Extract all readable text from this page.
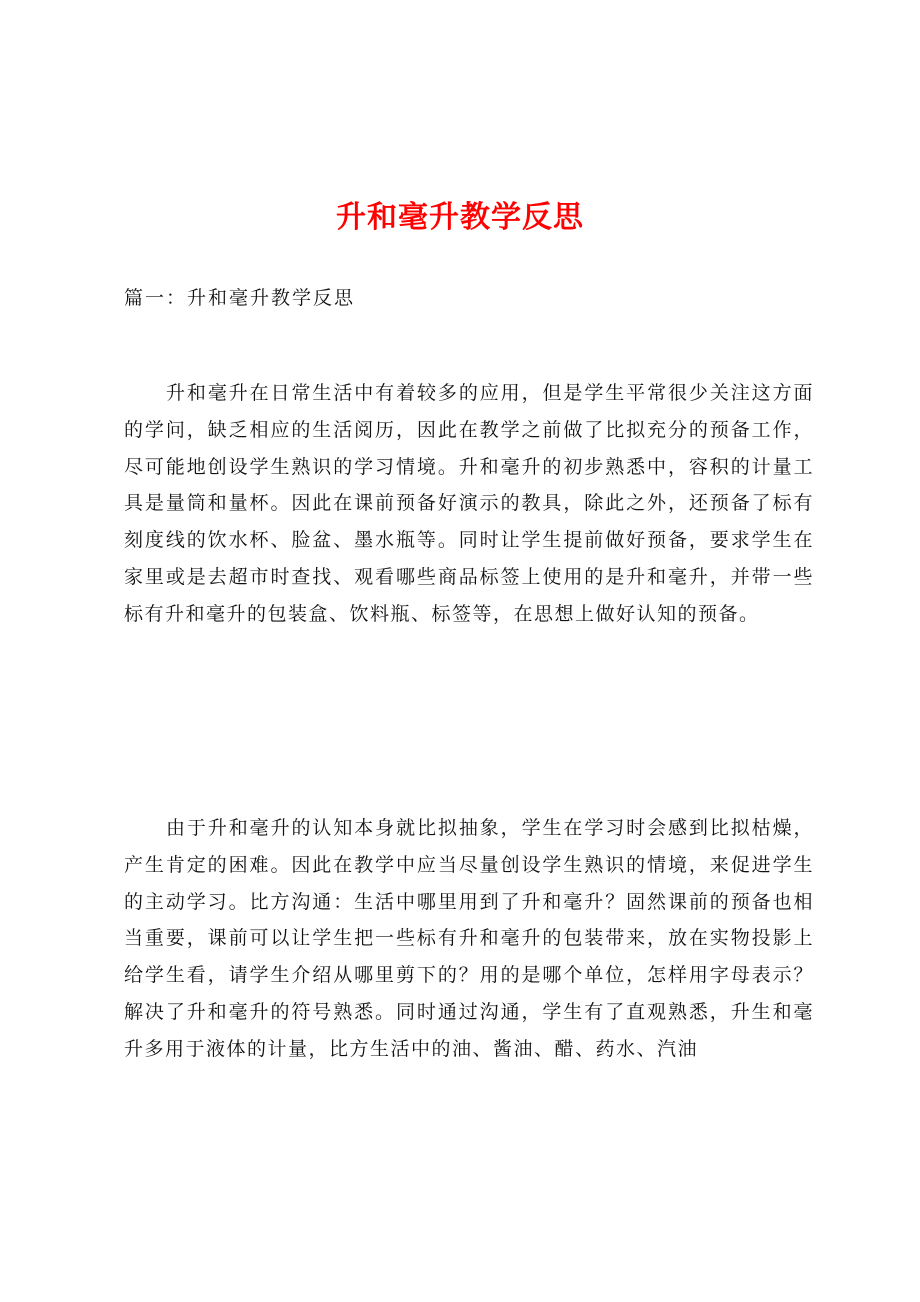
升和毫升教学反思
篇一：升和毫升教学反思

升和毫升在日常生活中有着较多的应用，但是学生平常很少关注这方面的学问，缺乏相应的生活阅历，因此在教学之前做了比拟充分的预备工作，尽可能地创设学生熟识的学习情境。升和毫升的初步熟悉中，容积的计量工具是量筒和量杯。因此在课前预备好演示的教具，除此之外，还预备了标有刻度线的饮水杯、脸盆、墨水瓶等。同时让学生提前做好预备，要求学生在家里或是去超市时查找、观看哪些商品标签上使用的是升和毫升，并带一些标有升和毫升的包装盒、饮料瓶、标签等，在思想上做好认知的预备。

由于升和毫升的认知本身就比拟抽象，学生在学习时会感到比拟枯燥，产生肯定的困难。因此在教学中应当尽量创设学生熟识的情境，来促进学生的主动学习。比方沟通：生活中哪里用到了升和毫升？固然课前的预备也相当重要，课前可以让学生把一些标有升和毫升的包装带来，放在实物投影上给学生看，请学生介绍从哪里剪下的？用的是哪个单位，怎样用字母表示？解决了升和毫升的符号熟悉。同时通过沟通，学生有了直观熟悉，升生和毫升多用于液体的计量，比方生活中的油、酱油、醋、药水、汽油
